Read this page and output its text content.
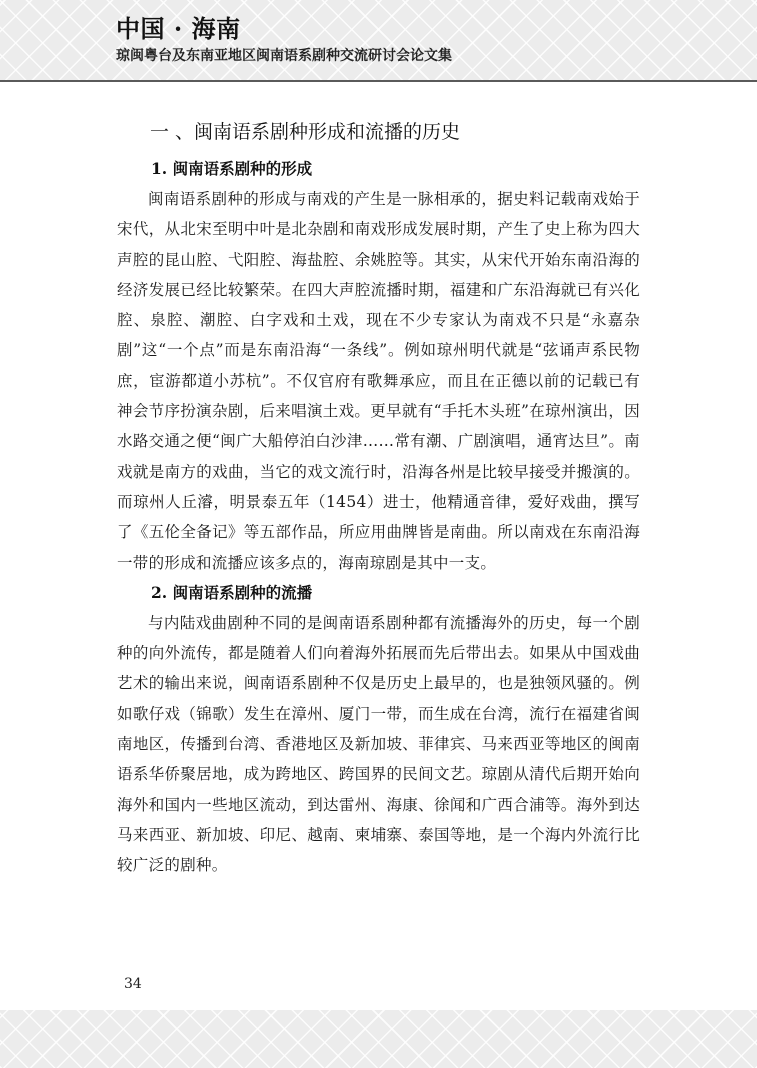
中国 · 海南
琼闽粤台及东南亚地区闽南语系剧种交流研讨会论文集
一 、闽南语系剧种形成和流播的历史
1. 闽南语系剧种的形成

闽南语系剧种的形成与南戏的产生是一脉相承的，据史料记载南戏始于宋代，从北宋至明中叶是北杂剧和南戏形成发展时期，产生了史上称为四大声腔的昆山腔、弋阳腔、海盐腔、余姚腔等。其实，从宋代开始东南沿海的经济发展已经比较繁荣。在四大声腔流播时期，福建和广东沿海就已有兴化腔、泉腔、潮腔、白字戏和土戏，现在不少专家认为南戏不只是“永嘉杂剧”这“一个点”而是东南沿海“一条线”。例如琼州明代就是“弦诵声系民物庶，宦游都道小苏杭”。不仅官府有歌舞承应，而且在正德以前的记载已有神会节序扮演杂剧，后来唱演土戏。更早就有“手托木头班”在琼州演出，因水路交通之便“闽广大船停泊白沙津……常有潮、广剧演唱，通宵达旦”。南戏就是南方的戏曲，当它的戏文流行时，沿海各州是比较早接受并搬演的。而琼州人丘濬，明景泰五年（1454）进士，他精通音律，爱好戏曲，撰写了《五伦全备记》等五部作品，所应用曲牌皆是南曲。所以南戏在东南沿海一带的形成和流播应该多点的，海南琼剧是其中一支。

2. 闽南语系剧种的流播

与内陆戏曲剧种不同的是闽南语系剧种都有流播海外的历史，每一个剧种的向外流传，都是随着人们向着海外拓展而先后带出去。如果从中国戏曲艺术的输出来说，闽南语系剧种不仅是历史上最早的，也是独领风骚的。例如歌仔戏（锦歌）发生在漳州、厦门一带，而生成在台湾，流行在福建省闽南地区，传播到台湾、香港地区及新加坡、菲律宾、马来西亚等地区的闽南语系华侨聚居地，成为跨地区、跨国界的民间文艺。琼剧从清代后期开始向海外和国内一些地区流动，到达雷州、海康、徐闻和广西合浦等。海外到达马来西亚、新加坡、印尼、越南、柬埔寨、泰国等地，是一个海内外流行比较广泛的剧种。

34
